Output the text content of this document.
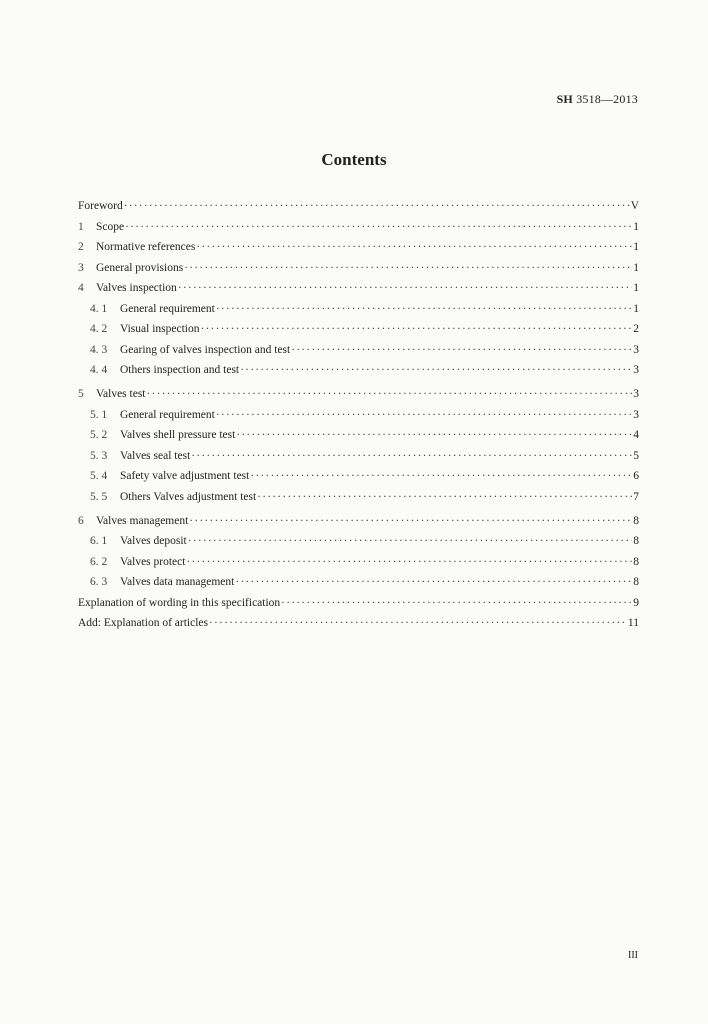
SH 3518—2013
Contents
Foreword ·····	V
1	Scope ·····	1
2	Normative references ·····	1
3	General provisions ·····	1
4	Valves inspection ·····	1
4. 1	General requirement ·····	1
4. 2	Visual inspection ·····	2
4. 3	Gearing of valves inspection and test ·····	3
4. 4	Others inspection and test ·····	3
5	Valves test ·····	3
5. 1	General requirement ·····	3
5. 2	Valves shell pressure test ·····	4
5. 3	Valves seal test ·····	5
5. 4	Safety valve adjustment test ·····	6
5. 5	Others Valves adjustment test ·····	7
6	Valves management ·····	8
6. 1	Valves deposit ·····	8
6. 2	Valves protect ·····	8
6. 3	Valves data management ·····	8
Explanation of wording in this specification ·····	9
Add: Explanation of articles ·····	11
III
